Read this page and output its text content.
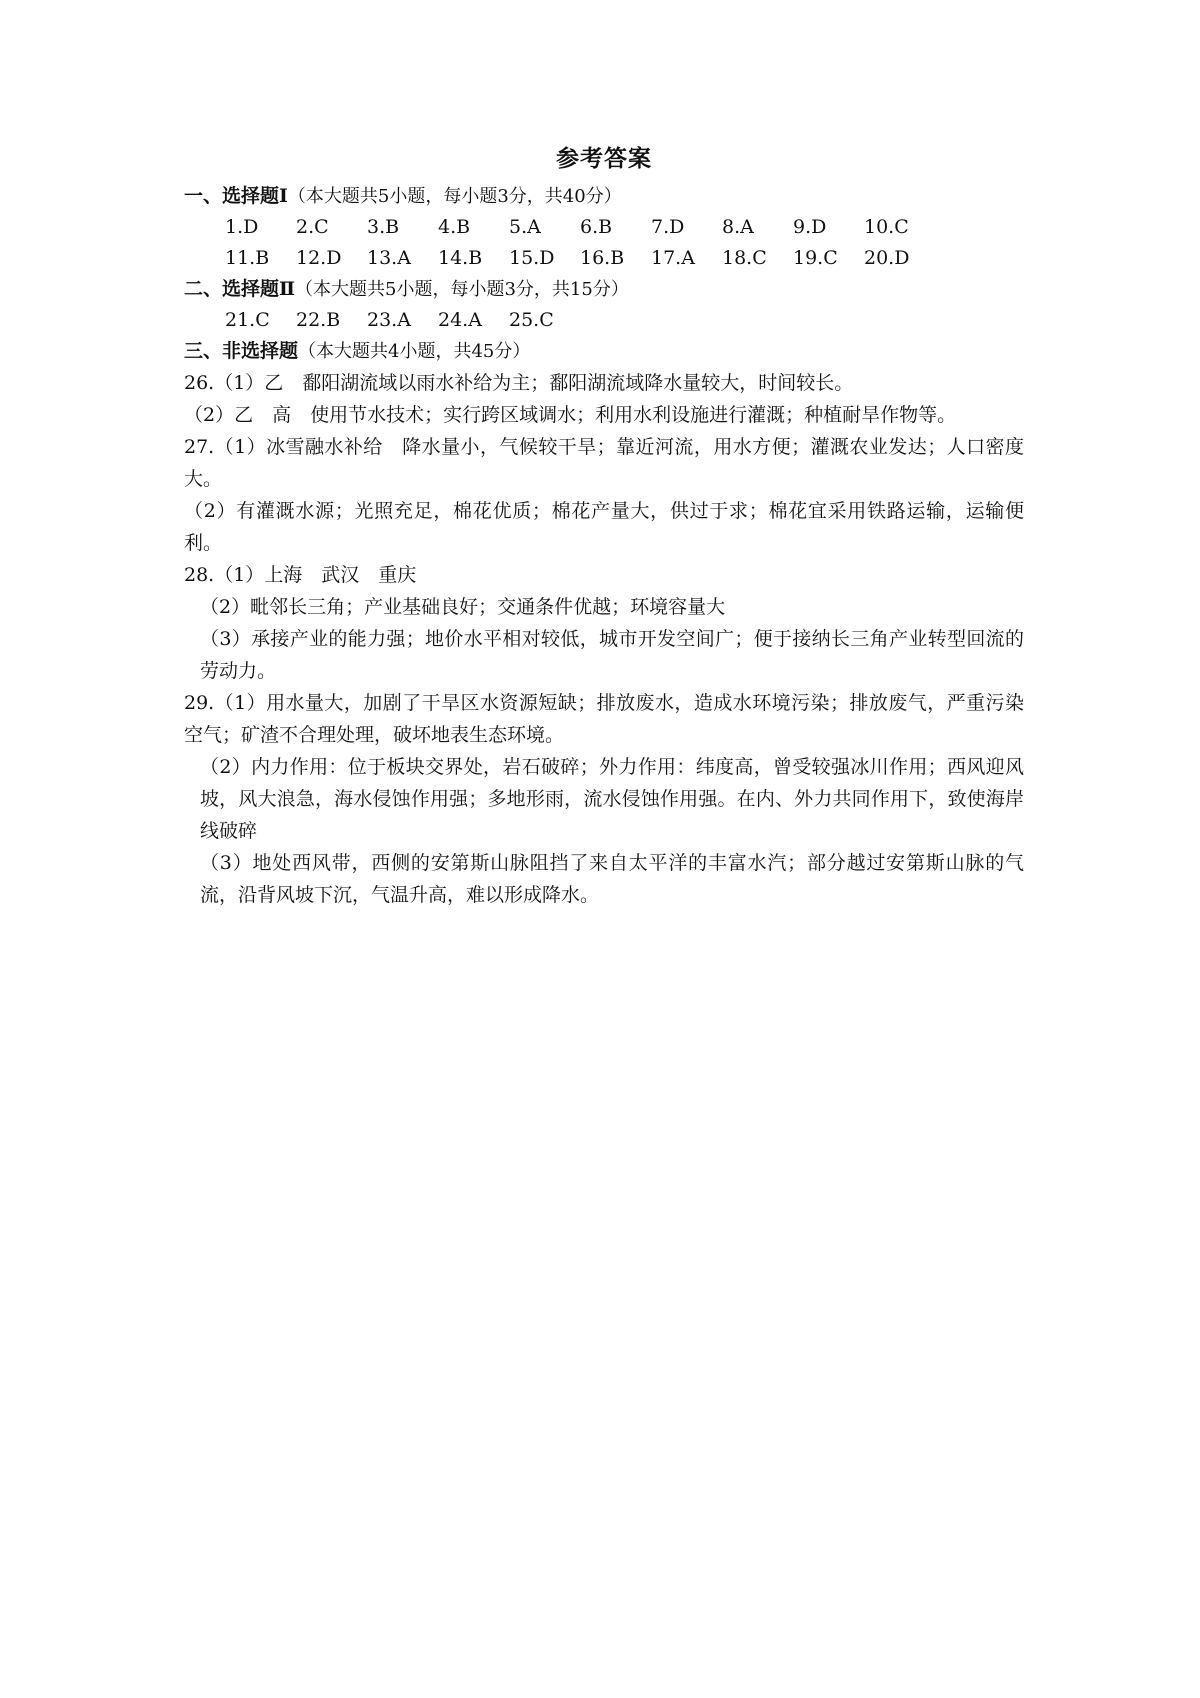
参考答案
一、选择题Ⅰ（本大题共5小题，每小题3分，共40分）
1.D	2.C	3.B	4.B	5.A	6.B	7.D	8.A	9.D	10.C
11.B	12.D	13.A	14.B	15.D	16.B	17.A	18.C	19.C	20.D
二、选择题Ⅱ（本大题共5小题，每小题3分，共15分）
21.C	22.B	23.A	24.A	25.C
三、非选择题（本大题共4小题，共45分）

26.（1）乙　鄱阳湖流域以雨水补给为主；鄱阳湖流域降水量较大，时间较长。

（2）乙　高　使用节水技术；实行跨区域调水；利用水利设施进行灌溉；种植耐旱作物等。

27.（1）冰雪融水补给　降水量小，气候较干旱；靠近河流，用水方便；灌溉农业发达；人口密度大。

（2）有灌溉水源；光照充足，棉花优质；棉花产量大，供过于求；棉花宜采用铁路运输，运输便利。

28.（1）上海　武汉　重庆

（2）毗邻长三角；产业基础良好；交通条件优越；环境容量大

（3）承接产业的能力强；地价水平相对较低，城市开发空间广；便于接纳长三角产业转型回流的劳动力。

29.（1）用水量大，加剧了干旱区水资源短缺；排放废水，造成水环境污染；排放废气，严重污染空气；矿渣不合理处理，破坏地表生态环境。

（2）内力作用：位于板块交界处，岩石破碎；外力作用：纬度高，曾受较强冰川作用；西风迎风坡，风大浪急，海水侵蚀作用强；多地形雨，流水侵蚀作用强。在内、外力共同作用下，致使海岸线破碎

（3）地处西风带，西侧的安第斯山脉阻挡了来自太平洋的丰富水汽；部分越过安第斯山脉的气流，沿背风坡下沉，气温升高，难以形成降水。
